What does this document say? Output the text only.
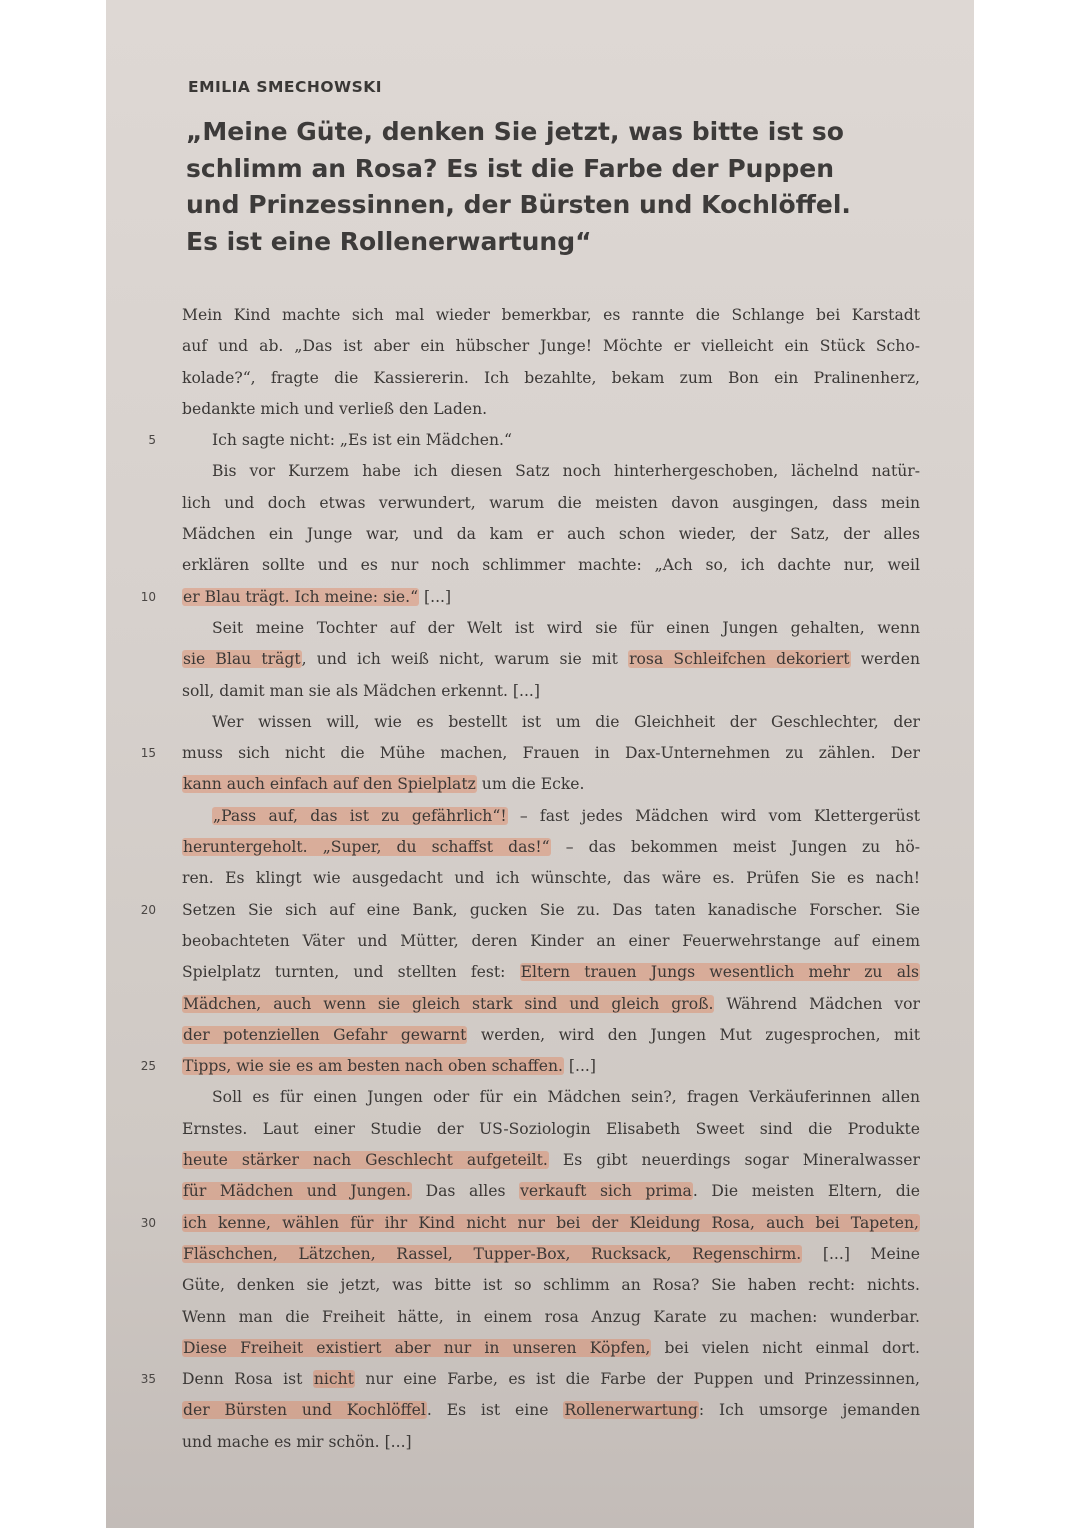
EMILIA SMECHOWSKI

„Meine Güte, denken Sie jetzt, was bitte ist so
schlimm an Rosa? Es ist die Farbe der Puppen
und Prinzessinnen, der Bürsten und Kochlöffel.
Es ist eine Rollenerwartung“
Mein Kind machte sich mal wieder bemerkbar, es rannte die Schlange bei Karstadt
auf und ab. „Das ist aber ein hübscher Junge! Möchte er vielleicht ein Stück Scho-
kolade?“, fragte die Kassiererin. Ich bezahlte, bekam zum Bon ein Pralinenherz,
bedankte mich und verließ den Laden.
5	Ich sagte nicht: „Es ist ein Mädchen.“
Bis vor Kurzem habe ich diesen Satz noch hinterhergeschoben, lächelnd natür-
lich und doch etwas verwundert, warum die meisten davon ausgingen, dass mein
Mädchen ein Junge war, und da kam er auch schon wieder, der Satz, der alles
erklären sollte und es nur noch schlimmer machte: „Ach so, ich dachte nur, weil
10 er Blau trägt. Ich meine: sie.“ [...]
Seit meine Tochter auf der Welt ist wird sie für einen Jungen gehalten, wenn
sie Blau trägt, und ich weiß nicht, warum sie mit rosa Schleifchen dekoriert werden
soll, damit man sie als Mädchen erkennt. [...]
Wer wissen will, wie es bestellt ist um die Gleichheit der Geschlechter, der
15 muss sich nicht die Mühe machen, Frauen in Dax-Unternehmen zu zählen. Der
kann auch einfach auf den Spielplatz um die Ecke.
„Pass auf, das ist zu gefährlich“! – fast jedes Mädchen wird vom Klettergerüst
heruntergeholt. „Super, du schaffst das!“ – das bekommen meist Jungen zu hö-
ren. Es klingt wie ausgedacht und ich wünschte, das wäre es. Prüfen Sie es nach!
20 Setzen Sie sich auf eine Bank, gucken Sie zu. Das taten kanadische Forscher. Sie
beobachteten Väter und Mütter, deren Kinder an einer Feuerwehrstange auf einem
Spielplatz turnten, und stellten fest: Eltern trauen Jungs wesentlich mehr zu als
Mädchen, auch wenn sie gleich stark sind und gleich groß. Während Mädchen vor
der potenziellen Gefahr gewarnt werden, wird den Jungen Mut zugesprochen, mit
25 Tipps, wie sie es am besten nach oben schaffen. [...]
Soll es für einen Jungen oder für ein Mädchen sein?, fragen Verkäuferinnen allen
Ernstes. Laut einer Studie der US-Soziologin Elisabeth Sweet sind die Produkte
heute stärker nach Geschlecht aufgeteilt. Es gibt neuerdings sogar Mineralwasser
für Mädchen und Jungen. Das alles verkauft sich prima. Die meisten Eltern, die
30 ich kenne, wählen für ihr Kind nicht nur bei der Kleidung Rosa, auch bei Tapeten,
Fläschchen, Lätzchen, Rassel, Tupper-Box, Rucksack, Regenschirm. [...] Meine
Güte, denken sie jetzt, was bitte ist so schlimm an Rosa? Sie haben recht: nichts.
Wenn man die Freiheit hätte, in einem rosa Anzug Karate zu machen: wunderbar.
Diese Freiheit existiert aber nur in unseren Köpfen, bei vielen nicht einmal dort.
35 Denn Rosa ist nicht nur eine Farbe, es ist die Farbe der Puppen und Prinzessinnen,
der Bürsten und Kochlöffel. Es ist eine Rollenerwartung: Ich umsorge jemanden
und mache es mir schön. [...]
